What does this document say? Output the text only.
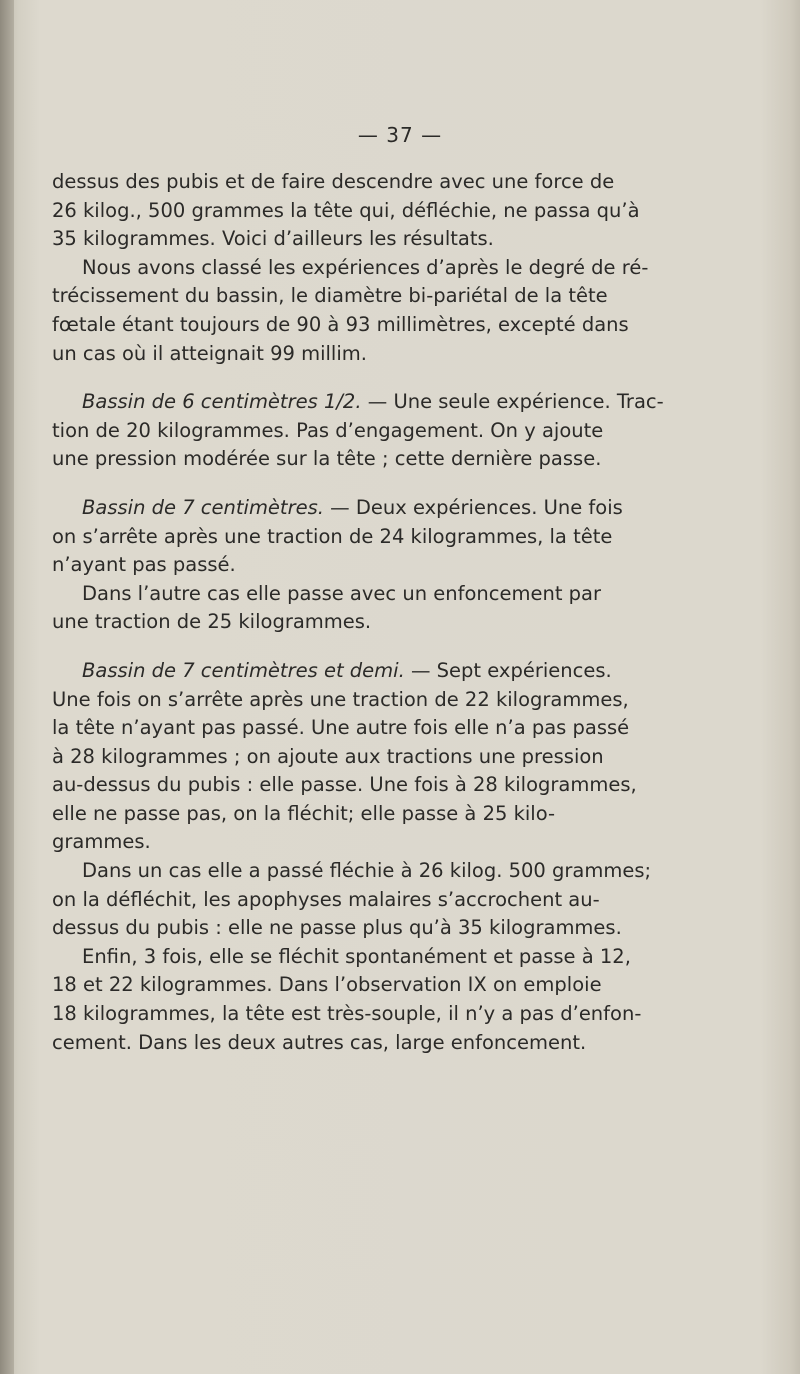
— 37 —

dessus des pubis et de faire descendre avec une force de
26 kilog., 500 grammes la tête qui, défléchie, ne passa qu’à
35 kilogrammes. Voici d’ailleurs les résultats.

Nous avons classé les expériences d’après le degré de ré-
trécissement du bassin, le diamètre bi-pariétal de la tête
fœtale étant toujours de 90 à 93 millimètres, excepté dans
un cas où il atteignait 99 millim.

Bassin de 6 centimètres 1/2. — Une seule expérience. Trac-
tion de 20 kilogrammes. Pas d’engagement. On y ajoute
une pression modérée sur la tête ; cette dernière passe.

Bassin de 7 centimètres. — Deux expériences. Une fois
on s’arrête après une traction de 24 kilogrammes, la tête
n’ayant pas passé.

Dans l’autre cas elle passe avec un enfoncement par
une traction de 25 kilogrammes.

Bassin de 7 centimètres et demi. — Sept expériences.
Une fois on s’arrête après une traction de 22 kilogrammes,
la tête n’ayant pas passé. Une autre fois elle n’a pas passé
à 28 kilogrammes ; on ajoute aux tractions une pression
au-dessus du pubis : elle passe. Une fois à 28 kilogrammes,
elle ne passe pas, on la fléchit; elle passe à 25 kilo-
grammes.

Dans un cas elle a passé fléchie à 26 kilog. 500 grammes;
on la défléchit, les apophyses malaires s’accrochent au-
dessus du pubis : elle ne passe plus qu’à 35 kilogrammes.

Enfin, 3 fois, elle se fléchit spontanément et passe à 12,
18 et 22 kilogrammes. Dans l’observation IX on emploie
18 kilogrammes, la tête est très-souple, il n’y a pas d’enfon-
cement. Dans les deux autres cas, large enfoncement.
